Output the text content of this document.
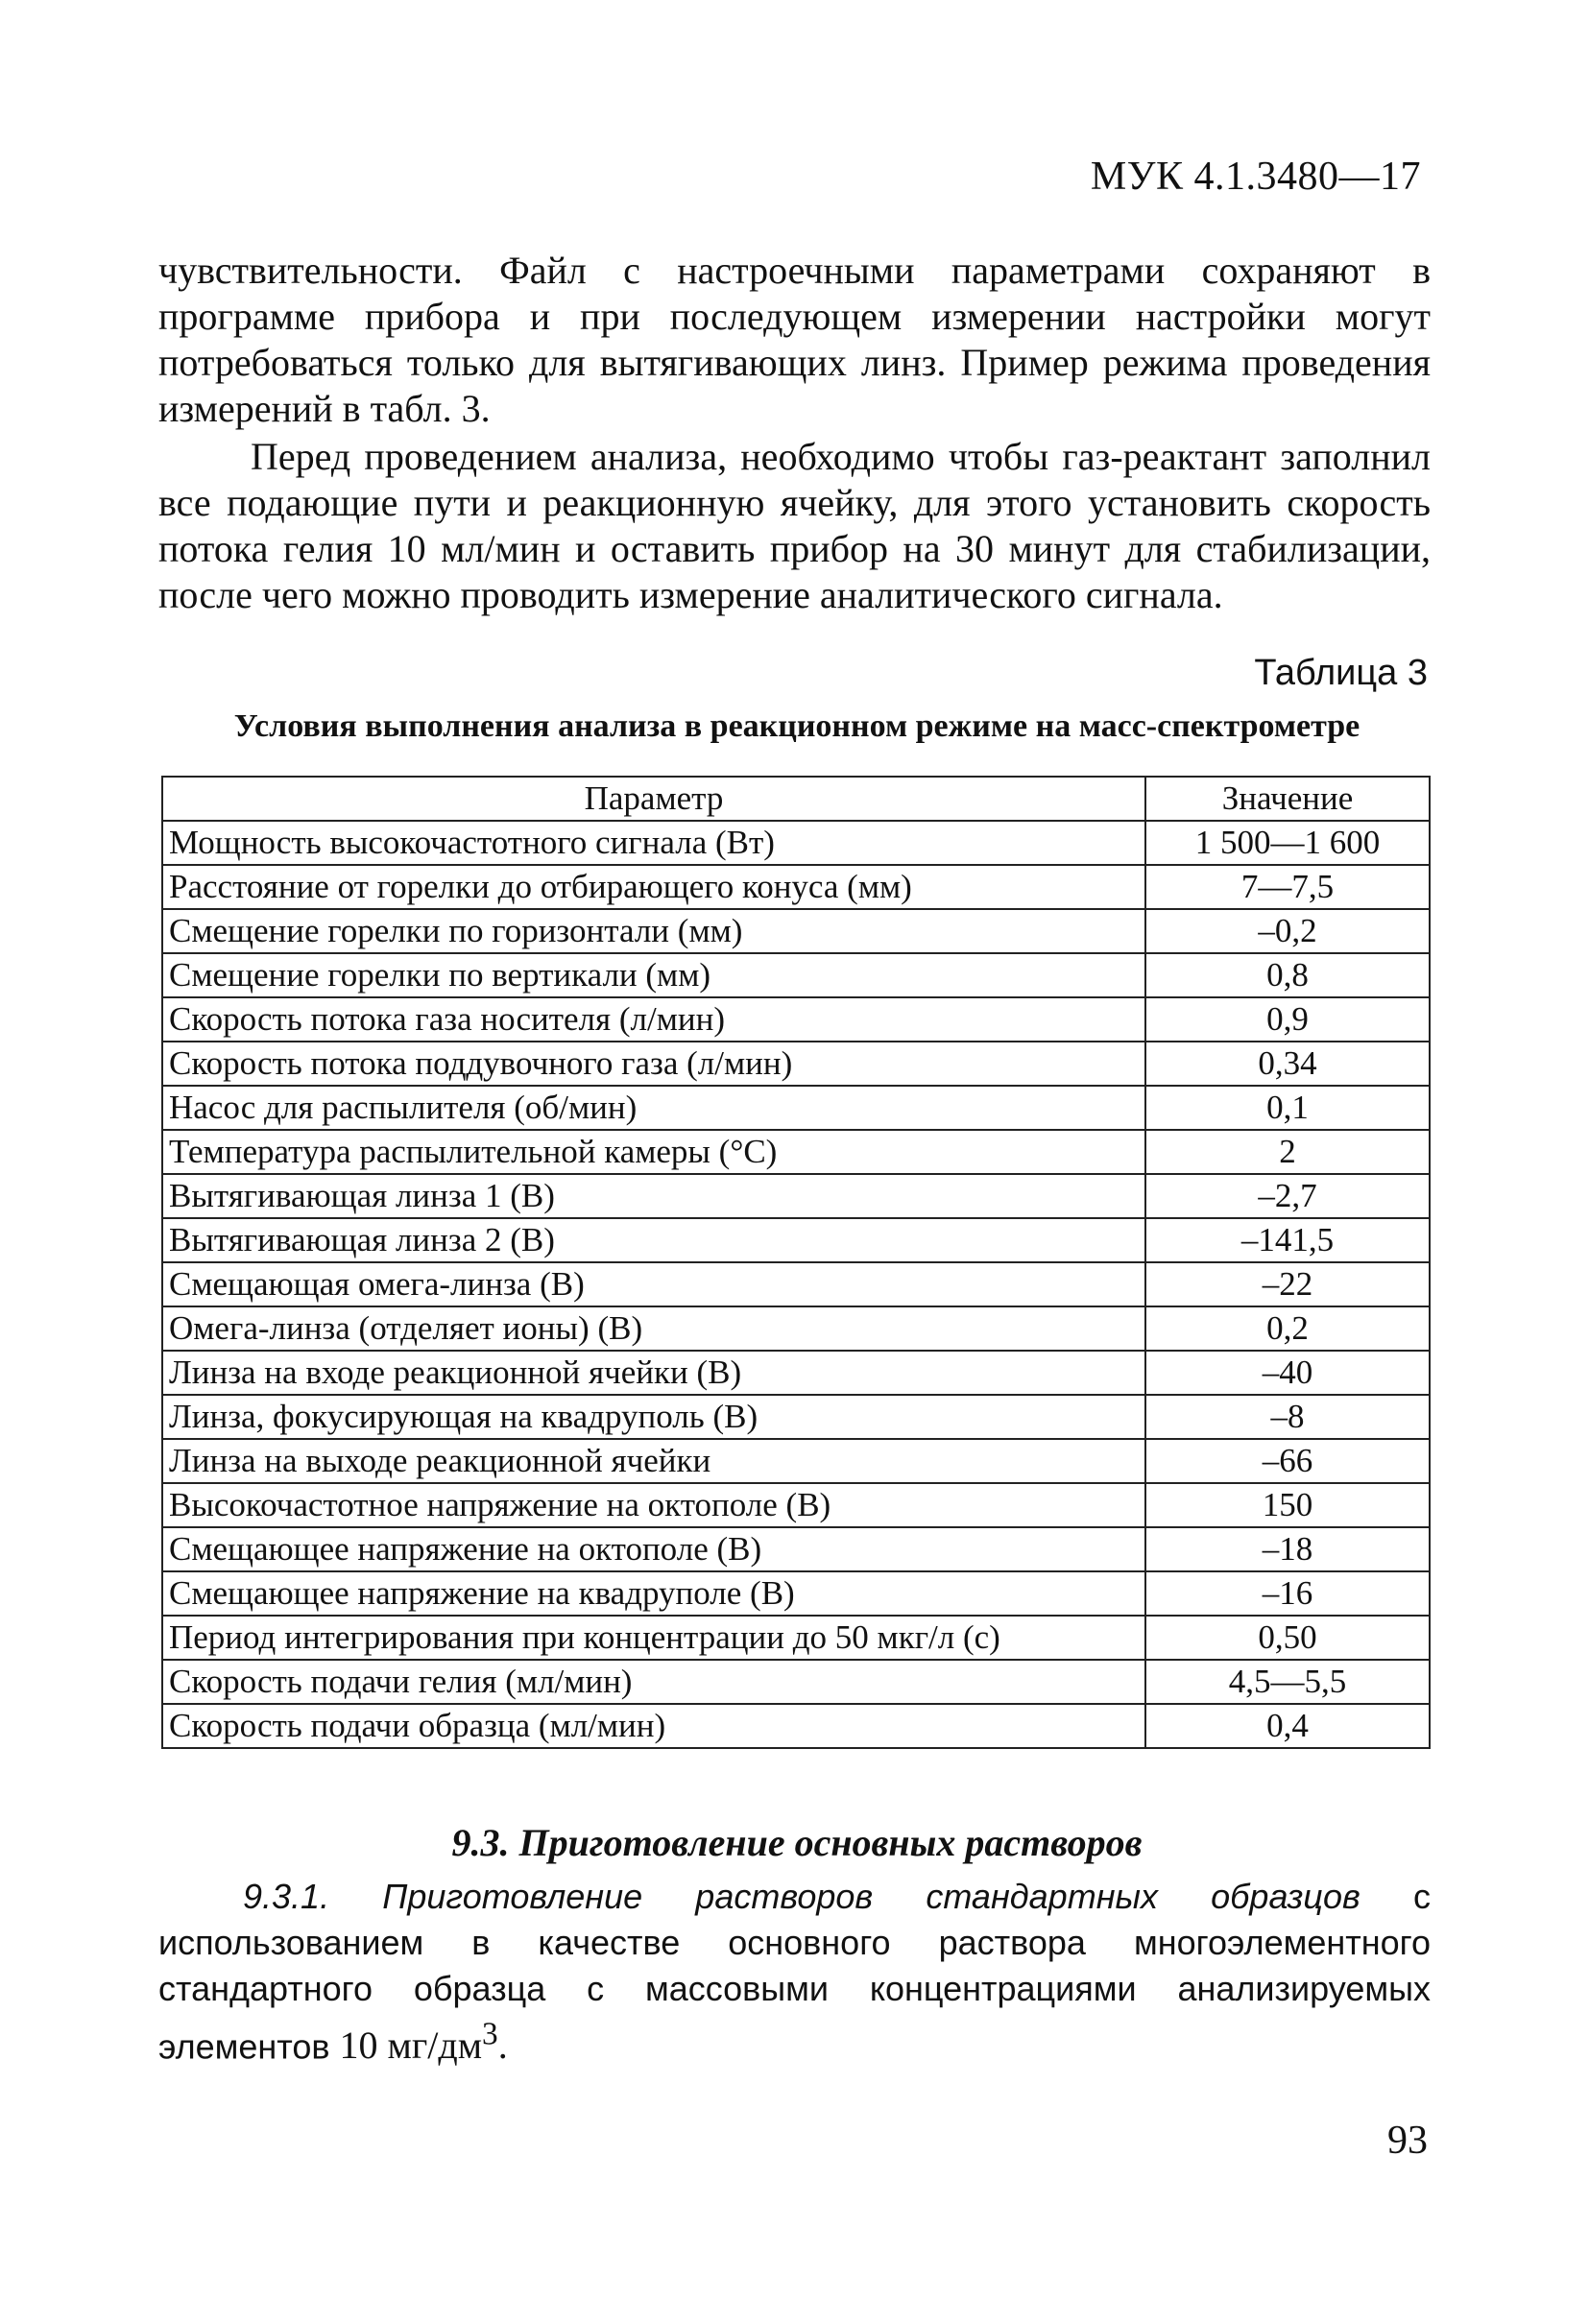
МУК 4.1.3480—17
чувствительности. Файл с настроечными параметрами сохраняют в программе прибора и при последующем измерении настройки могут потребоваться только для вытягивающих линз. Пример режима проведения измерений в табл. 3.
Перед проведением анализа, необходимо чтобы газ-реактант заполнил все подающие пути и реакционную ячейку, для этого установить скорость потока гелия 10 мл/мин и оставить прибор на 30 минут для стабилизации, после чего можно проводить измерение аналитического сигнала.
Таблица 3
Условия выполнения анализа в реакционном режиме на масс-спектрометре
Параметр	Значение
Мощность высокочастотного сигнала (Вт)	1 500—1 600
Расстояние от горелки до отбирающего конуса (мм)	7—7,5
Смещение горелки по горизонтали (мм)	–0,2
Смещение горелки по вертикали (мм)	0,8
Скорость потока газа носителя (л/мин)	0,9
Скорость потока поддувочного газа (л/мин)	0,34
Насос для распылителя (об/мин)	0,1
Температура распылительной камеры (°С)	2
Вытягивающая линза 1 (В)	–2,7
Вытягивающая линза 2 (В)	–141,5
Смещающая омега-линза (В)	–22
Омега-линза (отделяет ионы) (В)	0,2
Линза на входе реакционной ячейки (В)	–40
Линза, фокусирующая на квадруполь (В)	–8
Линза на выходе реакционной ячейки	–66
Высокочастотное напряжение на октополе (В)	150
Смещающее напряжение на октополе (В)	–18
Смещающее напряжение на квадруполе (В)	–16
Период интегрирования при концентрации до 50 мкг/л (с)	0,50
Скорость подачи гелия (мл/мин)	4,5—5,5
Скорость подачи образца (мл/мин)	0,4
9.3. Приготовление основных растворов
9.3.1. Приготовление растворов стандартных образцов с использованием в качестве основного раствора многоэлементного стандартного образца с массовыми концентрациями анализируемых элементов 10 $мг/дм^3$.
93
